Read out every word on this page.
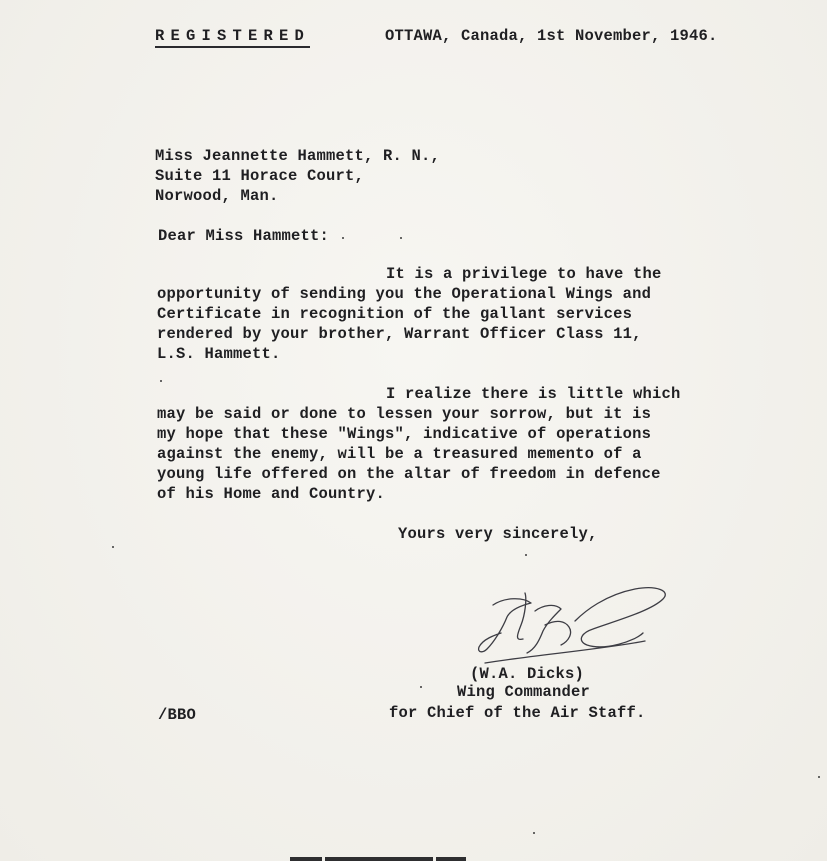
REGISTERED	OTTAWA, Canada, 1st November, 1946.
Miss Jeannette Hammett, R. N.,
Suite 11 Horace Court,
Norwood, Man.
Dear Miss Hammett:
It is a privilege to have the
opportunity of sending you the Operational Wings and
Certificate in recognition of the gallant services
rendered by your brother, Warrant Officer Class 11,
L.S. Hammett.
I realize there is little which
may be said or done to lessen your sorrow, but it is
my hope that these "Wings", indicative of operations
against the enemy, will be a treasured memento of a
young life offered on the altar of freedom in defence
of his Home and Country.
Yours very sincerely,
(W.A. Dicks)
Wing Commander
for Chief of the Air Staff.
/BBO
